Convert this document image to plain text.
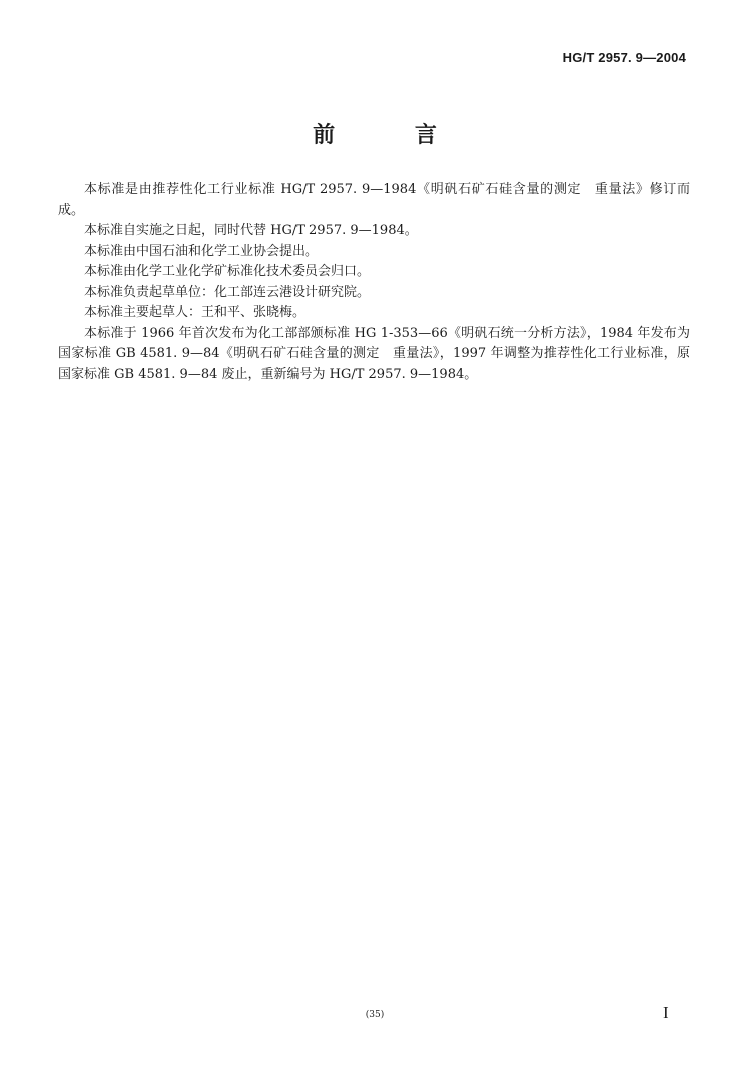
HG/T 2957. 9—2004
前 言

本标准是由推荐性化工行业标准 HG/T 2957. 9—1984《明矾石矿石硅含量的测定　重量法》修订而成。

本标准自实施之日起，同时代替 HG/T 2957. 9—1984。

本标准由中国石油和化学工业协会提出。

本标准由化学工业化学矿标准化技术委员会归口。

本标准负责起草单位：化工部连云港设计研究院。

本标准主要起草人：王和平、张晓梅。

本标准于 1966 年首次发布为化工部部颁标准 HG 1-353—66《明矾石统一分析方法》，1984 年发布为国家标准 GB 4581. 9—84《明矾石矿石硅含量的测定　重量法》，1997 年调整为推荐性化工行业标准，原国家标准 GB 4581. 9—84 废止，重新编号为 HG/T 2957. 9—1984。

(35)	I
